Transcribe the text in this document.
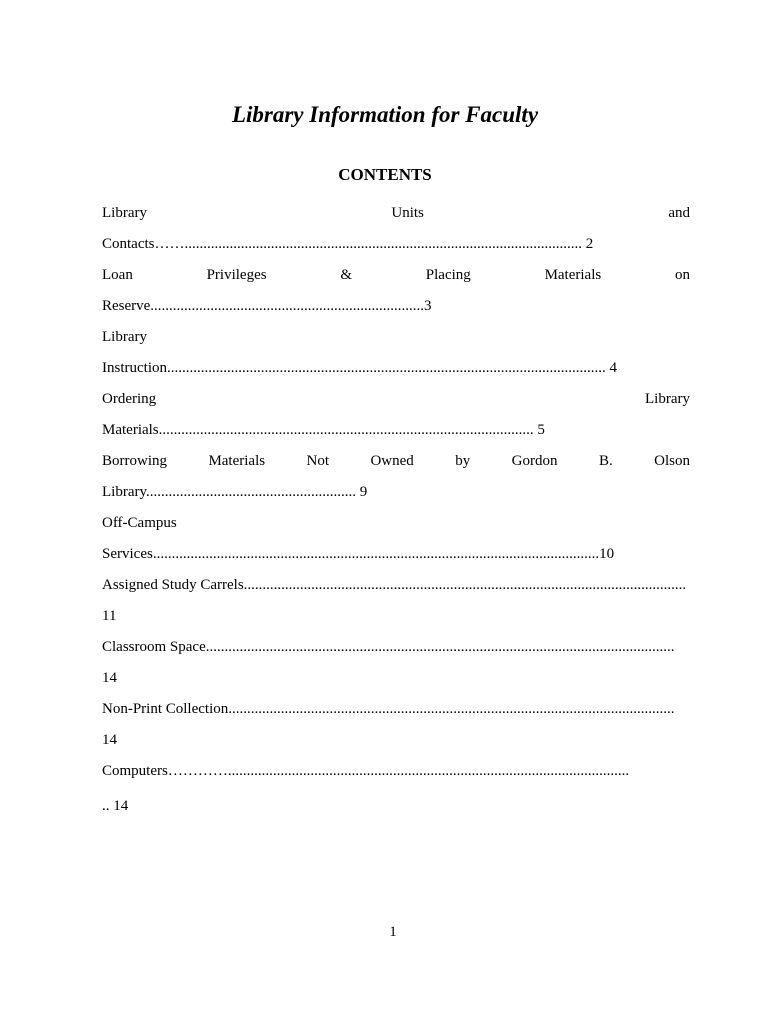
Library Information for Faculty
CONTENTS
Library	Units	and
Contacts…….......................................................................................................... 2
Loan	Privileges	&	Placing	Materials	on
Reserve.........................................................................3
Library
Instruction..................................................................................................................... 4
Ordering	Library
Materials.................................................................................................... 5
Borrowing	Materials	Not	Owned	by	Gordon	B.	Olson
Library........................................................ 9
Off-Campus
Services.......................................................................................................................10
Assigned Study Carrels......................................................................................................................
11
Classroom Space.............................................................................................................................
14
Non-Print Collection.......................................................................................................................
14
Computers…………...........................................................................................................
.. 14
1
